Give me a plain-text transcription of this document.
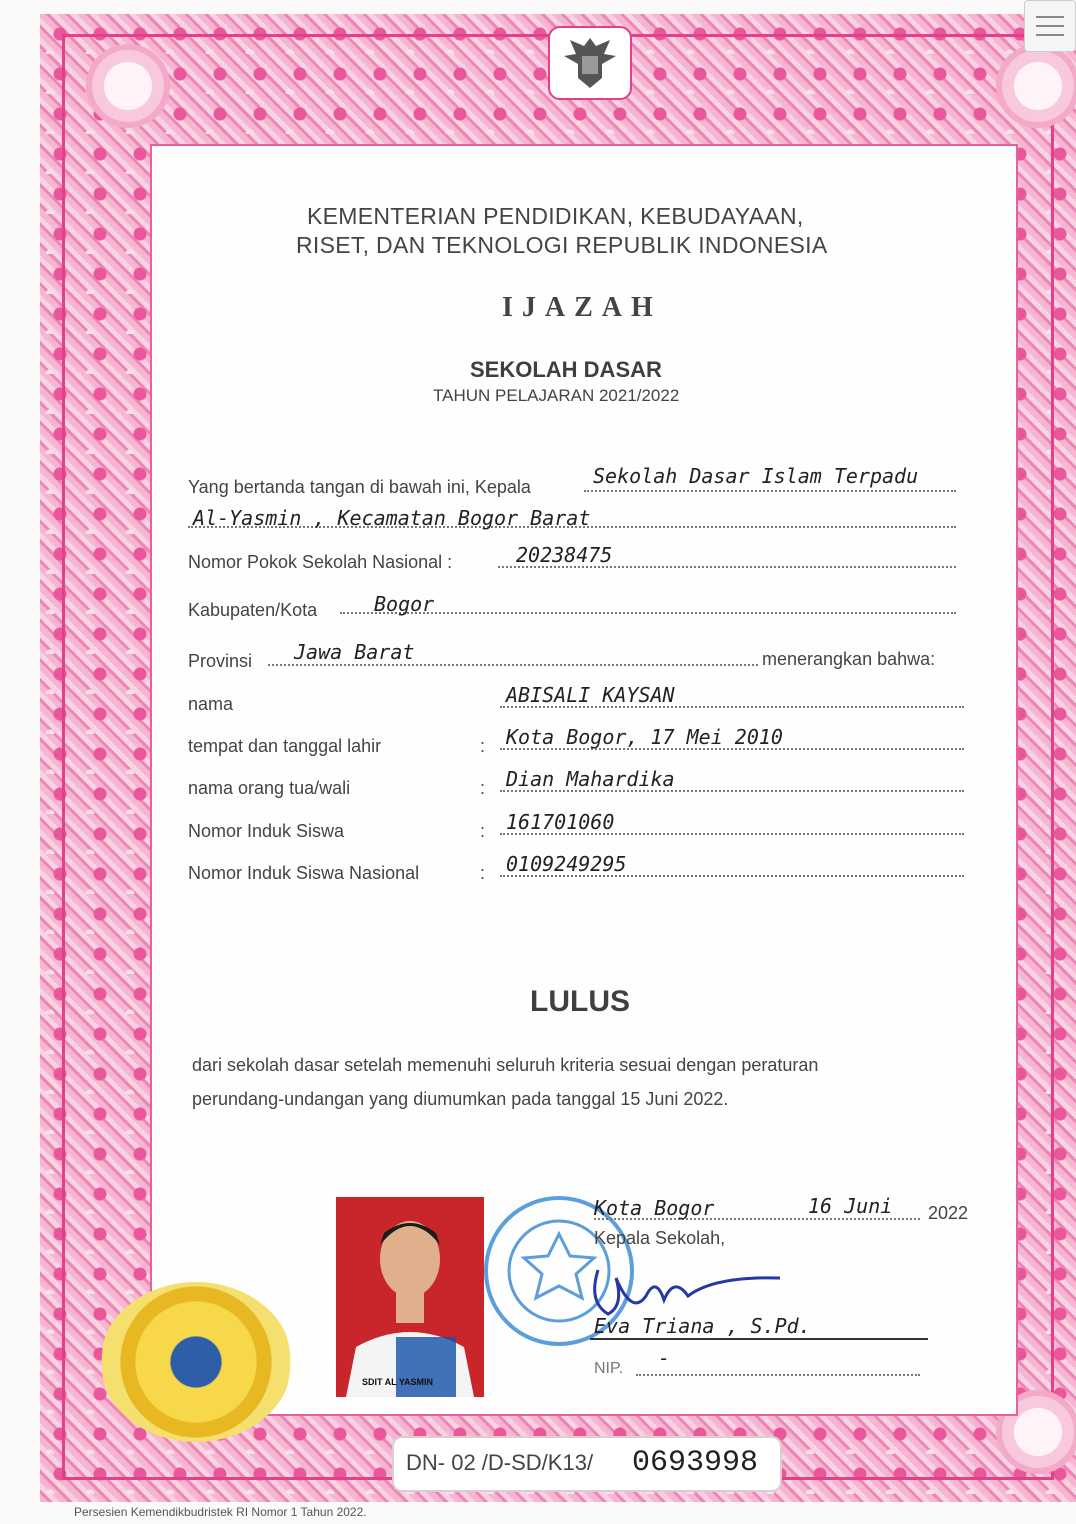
KEMENTERIAN PENDIDIKAN, KEBUDAYAAN,
RISET, DAN TEKNOLOGI REPUBLIK INDONESIA
IJAZAH
SEKOLAH DASAR
TAHUN PELAJARAN 2021/2022
Yang bertanda tangan di bawah ini, Kepala	Sekolah Dasar Islam Terpadu
Al-Yasmin , Kecamatan Bogor Barat
Nomor Pokok Sekolah Nasional :	20238475
Kabupaten/Kota	Bogor
Provinsi Jawa Barat	menerangkan bahwa:
nama	ABISALI KAYSAN
tempat dan tanggal lahir	: Kota Bogor, 17 Mei 2010
nama orang tua/wali	: Dian Mahardika
Nomor Induk Siswa	: 161701060
Nomor Induk Siswa Nasional	: 0109249295
LULUS
dari sekolah dasar setelah memenuhi seluruh kriteria sesuai dengan peraturan
perundang-undangan yang diumumkan pada tanggal 15 Juni 2022.
SDIT AL YASMIN
Kota Bogor	16 Juni 2022
Kepala Sekolah,
Eva Triana , S.Pd.
NIP. -
DN- 02 /D-SD/K13/ 0693998
Persesien Kemendikbudristek RI Nomor 1 Tahun 2022.
